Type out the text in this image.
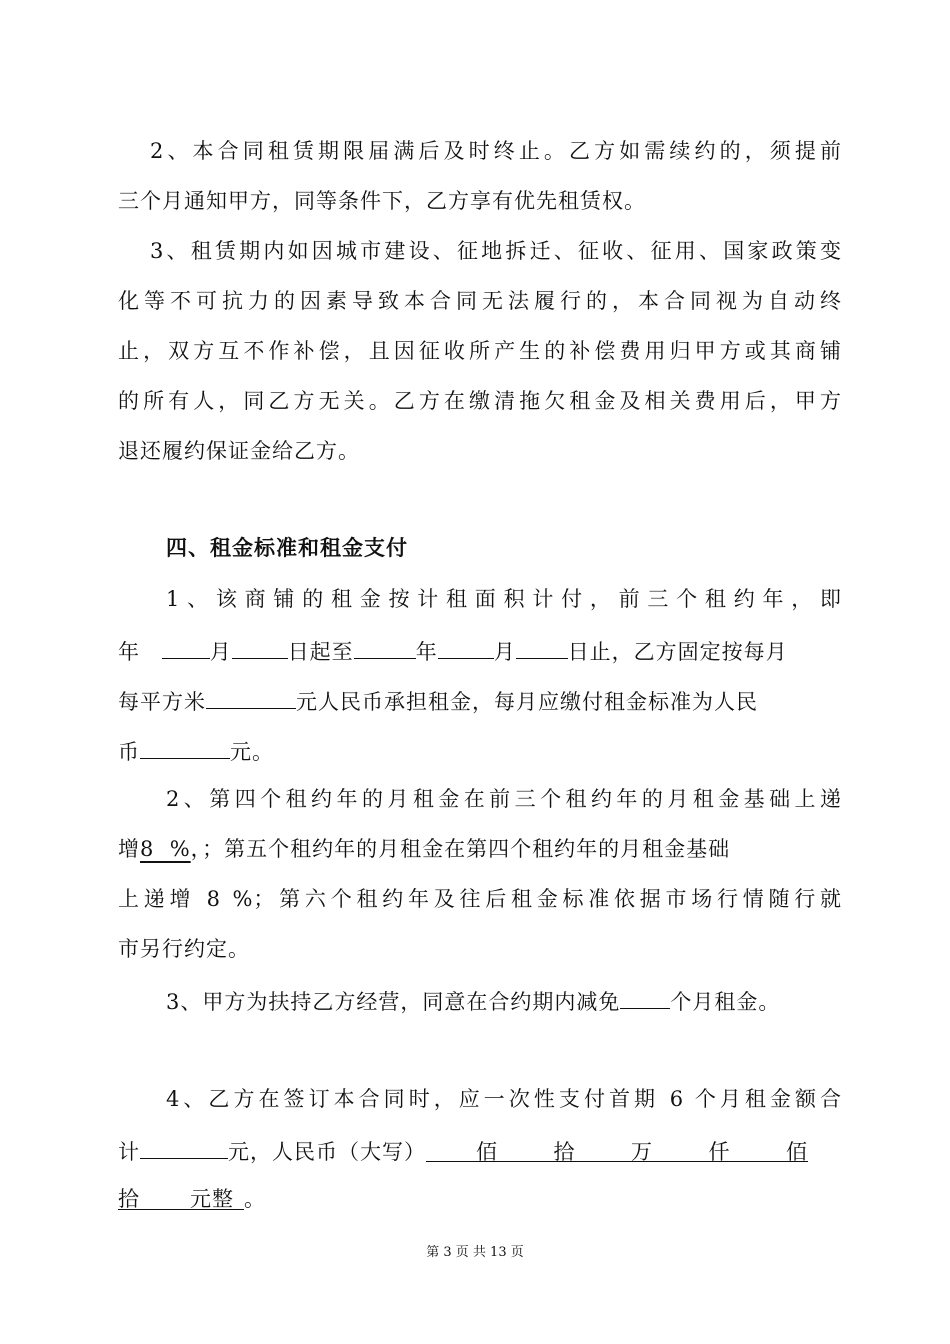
2、本合同租赁期限届满后及时终止。乙方如需续约的，须提前
三个月通知甲方，同等条件下，乙方享有优先租赁权。
3、租赁期内如因城市建设、征地拆迁、征收、征用、国家政策变
化等不可抗力的因素导致本合同无法履行的，本合同视为自动终
止，双方互不作补偿，且因征收所产生的补偿费用归甲方或其商铺
的所有人，同乙方无关。乙方在缴清拖欠租金及相关费用后，甲方
退还履约保证金给乙方。
四、租金标准和租金支付
1、该商铺的租金按计租面积计付，前三个租约年，即
年	月	日起至	年	月 日止，乙方固定按每月
每平方米	元人民币承担租金，每月应缴付租金标准为人民
币	元。
2、第四个租约年的月租金在前三个租约年的月租金基础上递
增8  %，；第五个租约年的月租金在第四个租约年的月租金基础
上递增 8 %；第六个租约年及往后租金标准依据市场行情随行就
市另行约定。
3、甲方为扶持乙方经营，同意在合约期内减免 个月租金。
4、乙方在签订本合同时，应一次性支付首期 6 个月租金额合
计	元，人民币（大写） 佰	拾	万	仟	佰
拾 元整 。
第 3 页 共 13 页
